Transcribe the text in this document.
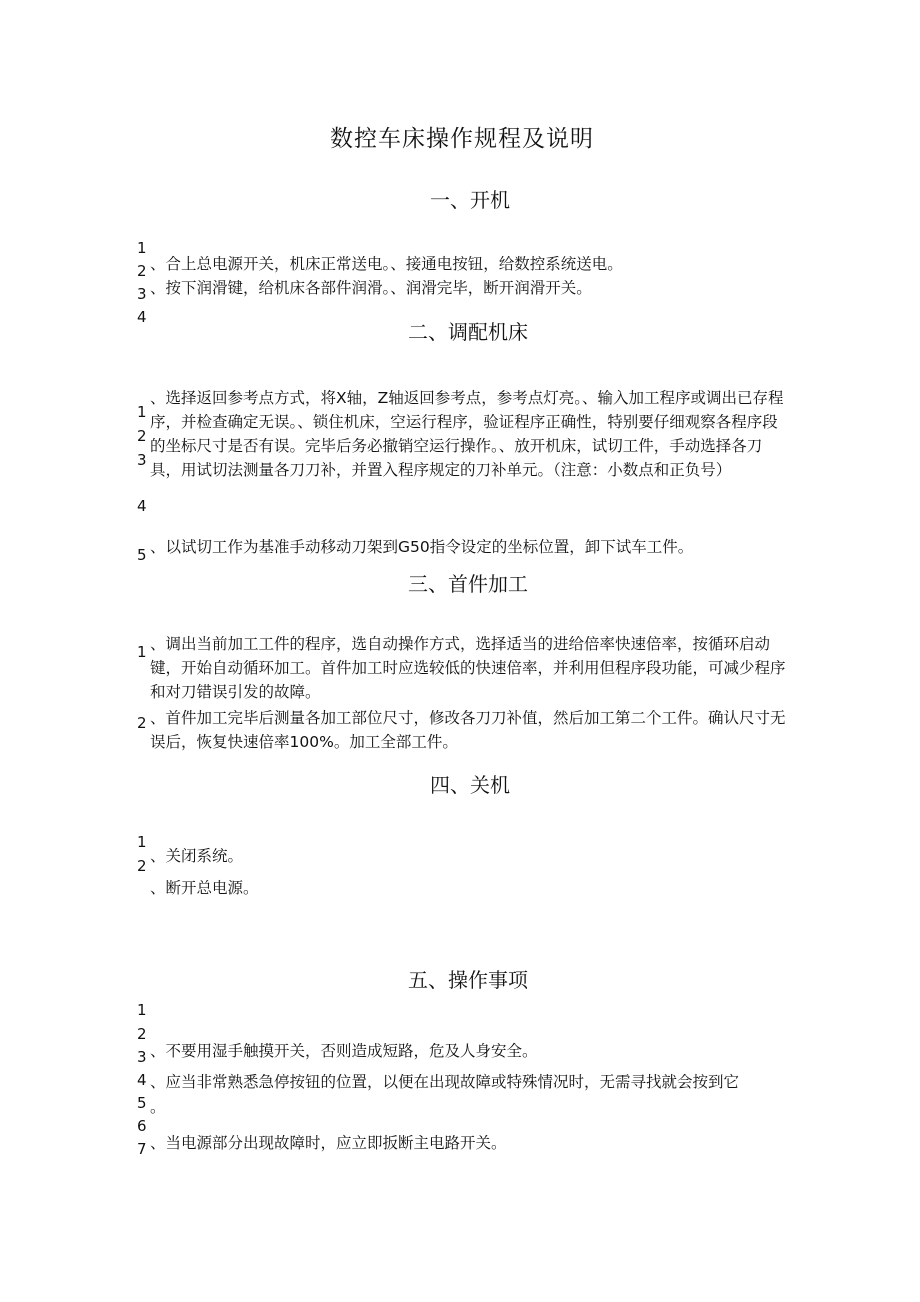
数控车床操作规程及说明
一、开机
1
2
3
4
、合上总电源开关，机床正常送电。、接通电按钮，给数控系统送电。
、按下润滑键，给机床各部件润滑。、润滑完毕，断开润滑开关。
二、调配机床
1
2
3
4
5
、选择返回参考点方式，将X轴，Z轴返回参考点，参考点灯亮。、输入加工程序或调出已存程序，并检查确定无误。、锁住机床，空运行程序，验证程序正确性，特别要仔细观察各程序段的坐标尺寸是否有误。完毕后务必撤销空运行操作。、放开机床，试切工件，手动选择各刀具，用试切法测量各刀刀补，并置入程序规定的刀补单元。（注意：小数点和正负号）
、以试切工作为基准手动移动刀架到G50指令设定的坐标位置，卸下试车工件。
三、首件加工
1
2
、调出当前加工工件的程序，选自动操作方式，选择适当的进给倍率快速倍率，按循环启动键，开始自动循环加工。首件加工时应选较低的快速倍率，并利用但程序段功能，可减少程序和对刀错误引发的故障。
、首件加工完毕后测量各加工部位尺寸，修改各刀刀补值，然后加工第二个工件。确认尺寸无误后，恢复快速倍率100%。加工全部工件。
四、关机
1
2
、关闭系统。
、断开总电源。
五、操作事项
1
2
3
4
5
6
7
、不要用湿手触摸开关，否则造成短路，危及人身安全。
、应当非常熟悉急停按钮的位置，以便在出现故障或特殊情况时，无需寻找就会按到它
。
、当电源部分出现故障时，应立即扳断主电路开关。
